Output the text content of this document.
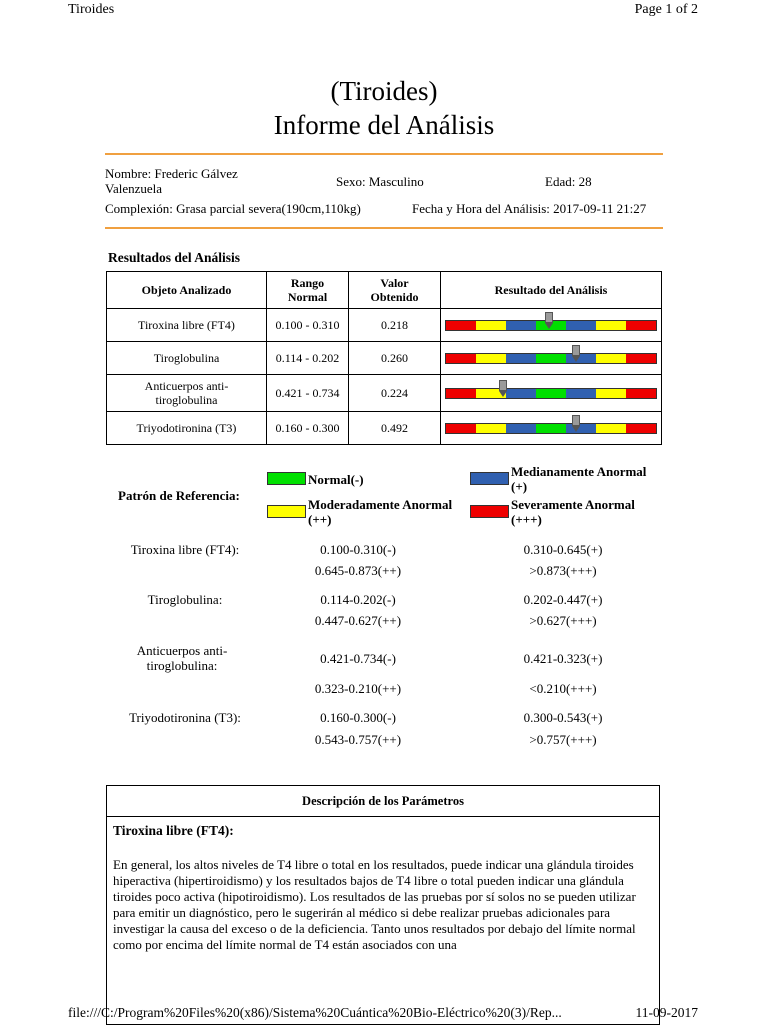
Tiroides	Page 1 of 2
(Tiroides)
Informe del Análisis
Nombre: Frederic Gálvez Valenzuela	Sexo: Masculino	Edad: 28
Complexión: Grasa parcial severa(190cm,110kg)	Fecha y Hora del Análisis: 2017-09-11 21:27
Resultados del Análisis
Objeto Analizado	Rango Normal	Valor Obtenido	Resultado del Análisis
Tiroxina libre (FT4)	0.100 - 0.310	0.218	

Tiroglobulina	0.114 - 0.202	0.260	

Anticuerpos anti-tiroglobulina	0.421 - 0.734	0.224	

Triyodotironina (T3)	0.160 - 0.300	0.492	
Patrón de Referencia:
Normal(-)
Medianamente Anormal (+)
Moderadamente Anormal (++)
Severamente Anormal (+++)
Tiroxina libre (FT4):	0.100-0.310(-)	0.310-0.645(+)
0.645-0.873(++)	>0.873(+++)
Tiroglobulina:	0.114-0.202(-)	0.202-0.447(+)
0.447-0.627(++)	>0.627(+++)
Anticuerpos anti-tiroglobulina:	0.421-0.734(-)	0.421-0.323(+)
0.323-0.210(++)	<0.210(+++)
Triyodotironina (T3):	0.160-0.300(-)	0.300-0.543(+)
0.543-0.757(++)	>0.757(+++)
Descripción de los Parámetros
Tiroxina libre (FT4):
En general, los altos niveles de T4 libre o total en los resultados, puede indicar una glándula tiroides hiperactiva (hipertiroidismo) y los resultados bajos de T4 libre o total pueden indicar una glándula tiroides poco activa (hipotiroidismo). Los resultados de las pruebas por sí solos no se pueden utilizar para emitir un diagnóstico, pero le sugerirán al médico si debe realizar pruebas adicionales para investigar la causa del exceso o de la deficiencia. Tanto unos resultados por debajo del límite normal como por encima del límite normal de T4 están asociados con una
file:///C:/Program%20Files%20(x86)/Sistema%20Cuántica%20Bio-Eléctrico%20(3)/Rep...	11-09-2017
